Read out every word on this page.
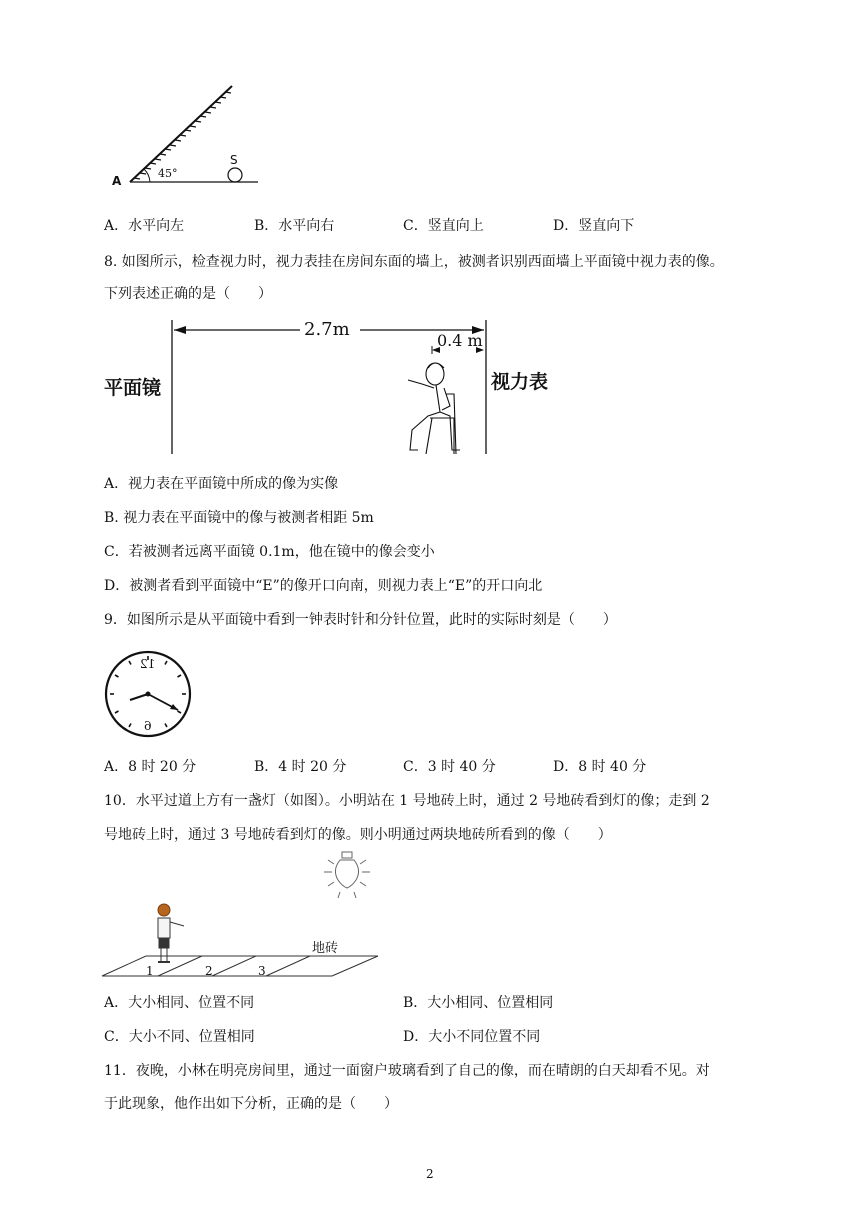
A
S
45°
A．水平向左	B．水平向右	C．竖直向上	D．竖直向下
8. 如图所示，检查视力时，视力表挂在房间东面的墙上，被测者识别西面墙上平面镜中视力表的像。
下列表述正确的是（　　）
2.7m
0.4 m
平面镜	视力表
A．视力表在平面镜中所成的像为实像
B. 视力表在平面镜中的像与被测者相距 5m
C．若被测者远离平面镜 0.1m，他在镜中的像会变小
D．被测者看到平面镜中“E”的像开口向南，则视力表上“E”的开口向北
9．如图所示是从平面镜中看到一钟表时针和分针位置，此时的实际时刻是（　　）
12
6
A．8 时 20 分	B．4 时 20 分	C．3 时 40 分	D．8 时 40 分
10．水平过道上方有一盏灯（如图）。小明站在 1 号地砖上时，通过 2 号地砖看到灯的像；走到 2
号地砖上时，通过 3 号地砖看到灯的像。则小明通过两块地砖所看到的像（　　）
地砖
1	2	3
A．大小相同、位置不同	B．大小相同、位置相同
C．大小不同、位置相同	D．大小不同位置不同
11．夜晚，小林在明亮房间里，通过一面窗户玻璃看到了自己的像，而在晴朗的白天却看不见。对
于此现象，他作出如下分析，正确的是（　　）
2
